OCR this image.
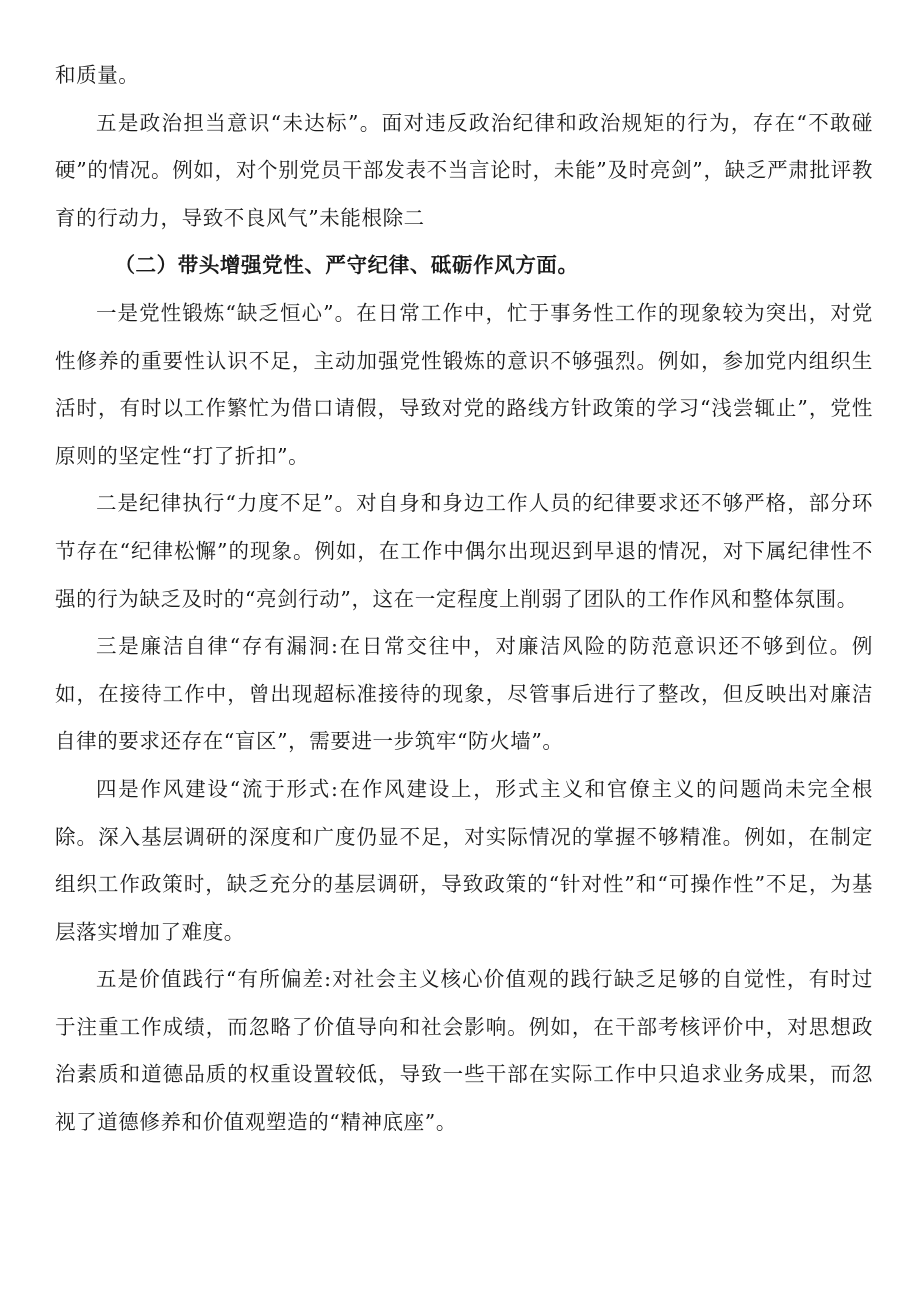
和质量。

五是政治担当意识“未达标”。面对违反政治纪律和政治规矩的行为，存在“不敢碰硬”的情况。例如，对个别党员干部发表不当言论时，未能”及时亮剑”，缺乏严肃批评教育的行动力，导致不良风气”未能根除二

（二）带头增强党性、严守纪律、砥砺作风方面。

一是党性锻炼“缺乏恒心”。在日常工作中，忙于事务性工作的现象较为突出，对党性修养的重要性认识不足，主动加强党性锻炼的意识不够强烈。例如，参加党内组织生活时，有时以工作繁忙为借口请假，导致对党的路线方针政策的学习“浅尝辄止”，党性原则的坚定性“打了折扣”。

二是纪律执行“力度不足”。对自身和身边工作人员的纪律要求还不够严格，部分环节存在“纪律松懈”的现象。例如，在工作中偶尔出现迟到早退的情况，对下属纪律性不强的行为缺乏及时的“亮剑行动”，这在一定程度上削弱了团队的工作作风和整体氛围。

三是廉洁自律“存有漏洞:在日常交往中，对廉洁风险的防范意识还不够到位。例如，在接待工作中，曾出现超标准接待的现象，尽管事后进行了整改，但反映出对廉洁自律的要求还存在“盲区”，需要进一步筑牢“防火墙”。

四是作风建设“流于形式:在作风建设上，形式主义和官僚主义的问题尚未完全根除。深入基层调研的深度和广度仍显不足，对实际情况的掌握不够精准。例如，在制定组织工作政策时，缺乏充分的基层调研，导致政策的“针对性”和“可操作性”不足，为基层落实增加了难度。

五是价值践行“有所偏差:对社会主义核心价值观的践行缺乏足够的自觉性，有时过于注重工作成绩，而忽略了价值导向和社会影响。例如，在干部考核评价中，对思想政治素质和道德品质的权重设置较低，导致一些干部在实际工作中只追求业务成果，而忽视了道德修养和价值观塑造的“精神底座”。
